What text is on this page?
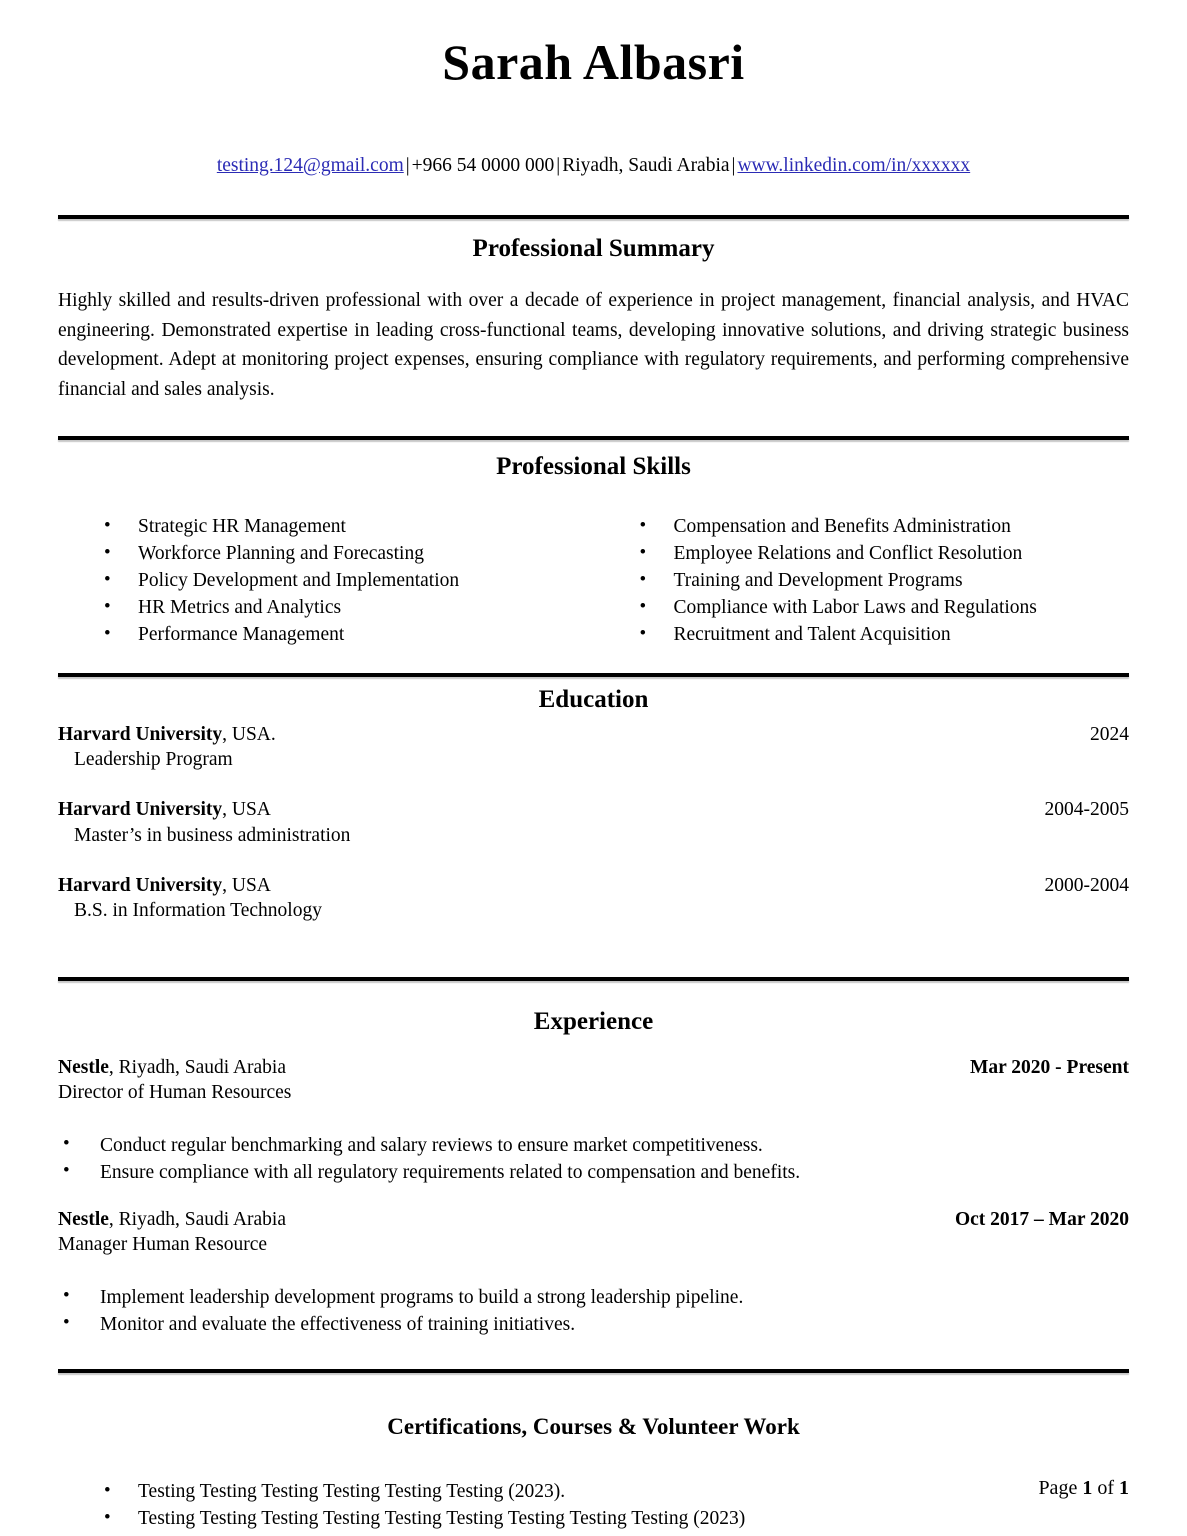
Sarah Albasri
testing.124@gmail.com | +966 54 0000 000 | Riyadh, Saudi Arabia | www.linkedin.com/in/xxxxxx
Professional Summary

Highly skilled and results-driven professional with over a decade of experience in project management, financial analysis, and HVAC engineering. Demonstrated expertise in leading cross-functional teams, developing innovative solutions, and driving strategic business development. Adept at monitoring project expenses, ensuring compliance with regulatory requirements, and performing comprehensive financial and sales analysis.

Professional Skills
• Strategic HR Management
• Workforce Planning and Forecasting
• Policy Development and Implementation
• HR Metrics and Analytics
• Performance Management
• Compensation and Benefits Administration
• Employee Relations and Conflict Resolution
• Training and Development Programs
• Compliance with Labor Laws and Regulations
• Recruitment and Talent Acquisition
Education
Harvard University, USA.	2024
Leadership Program
Harvard University, USA	2004-2005
Master’s in business administration
Harvard University, USA	2000-2004
B.S. in Information Technology
Experience
Nestle, Riyadh, Saudi Arabia	Mar 2020 - Present
Director of Human Resources
• Conduct regular benchmarking and salary reviews to ensure market competitiveness.
• Ensure compliance with all regulatory requirements related to compensation and benefits.
Nestle, Riyadh, Saudi Arabia	Oct 2017 – Mar 2020
Manager Human Resource
• Implement leadership development programs to build a strong leadership pipeline.
• Monitor and evaluate the effectiveness of training initiatives.
Certifications, Courses & Volunteer Work
• Testing Testing Testing Testing Testing Testing (2023).
• Testing Testing Testing Testing Testing Testing Testing Testing Testing (2023)
Page 1 of 1
